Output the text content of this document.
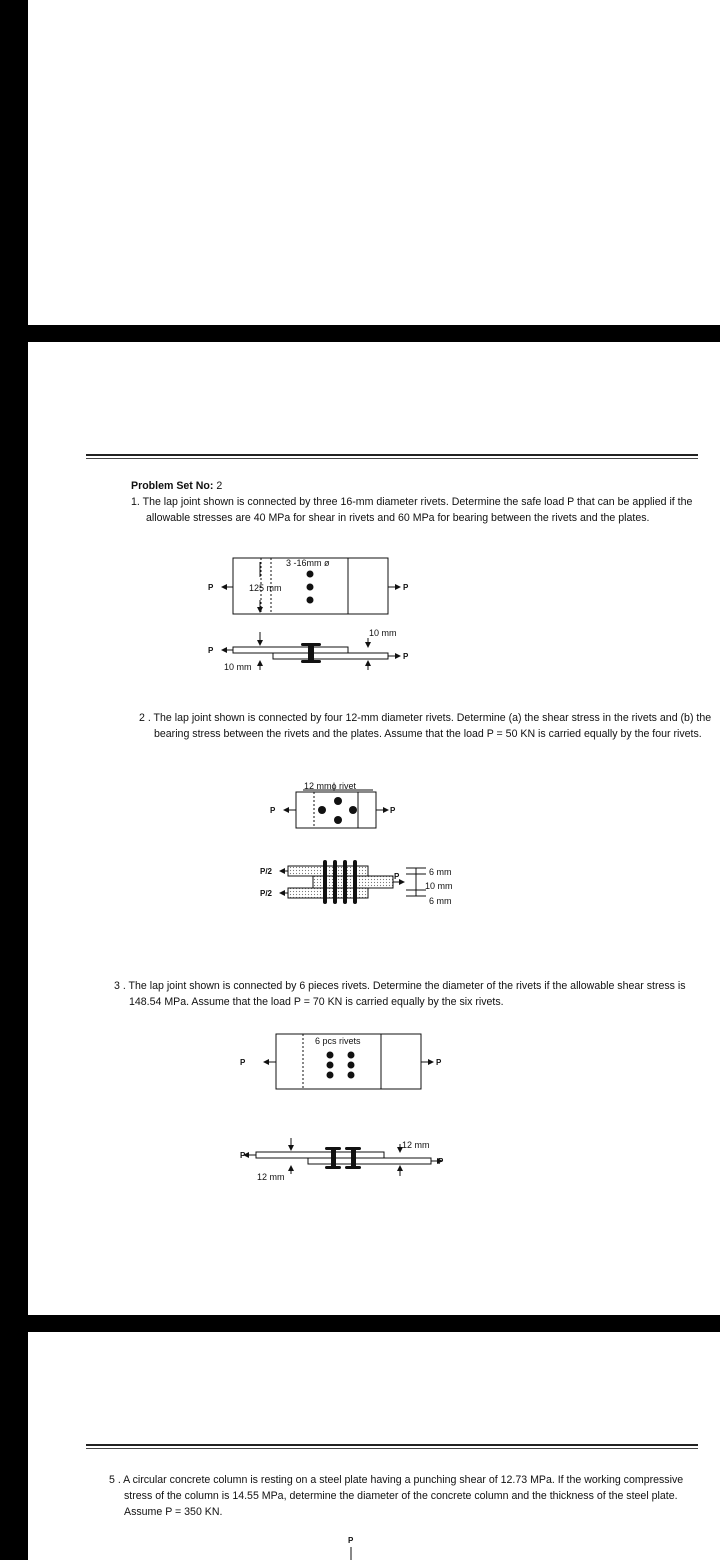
Problem Set No: 2
1. The lap joint shown is connected by three 16-mm diameter rivets. Determine the safe load P that can be applied if the allowable stresses are 40 MPa for shear in rivets and 60 MPa for bearing between the rivets and the plates.
3 -16mm ø
125 mm
P	P
P
P
10 mm
10 mm
2 . The lap joint shown is connected by four 12-mm diameter rivets. Determine (a) the shear stress in the rivets and (b) the bearing stress between the rivets and the plates. Assume that the load P = 50 KN is carried equally by the four rivets.
12 mmϕ rivet
P	P
P/2
P/2
P	6 mm
10 mm
6 mm
3 . The lap joint shown is connected by 6 pieces rivets. Determine the diameter of the rivets if the allowable shear stress is 148.54 MPa. Assume that the load P = 70 KN is carried equally by the six rivets.
6 pcs rivets
P	P
P
P
12 mm
12 mm
5 . A circular concrete column is resting on a steel plate having a punching shear of 12.73 MPa. If the working compressive stress of the column is 14.55 MPa, determine the diameter of the concrete column and the thickness of the steel plate. Assume P = 350 KN.
P
